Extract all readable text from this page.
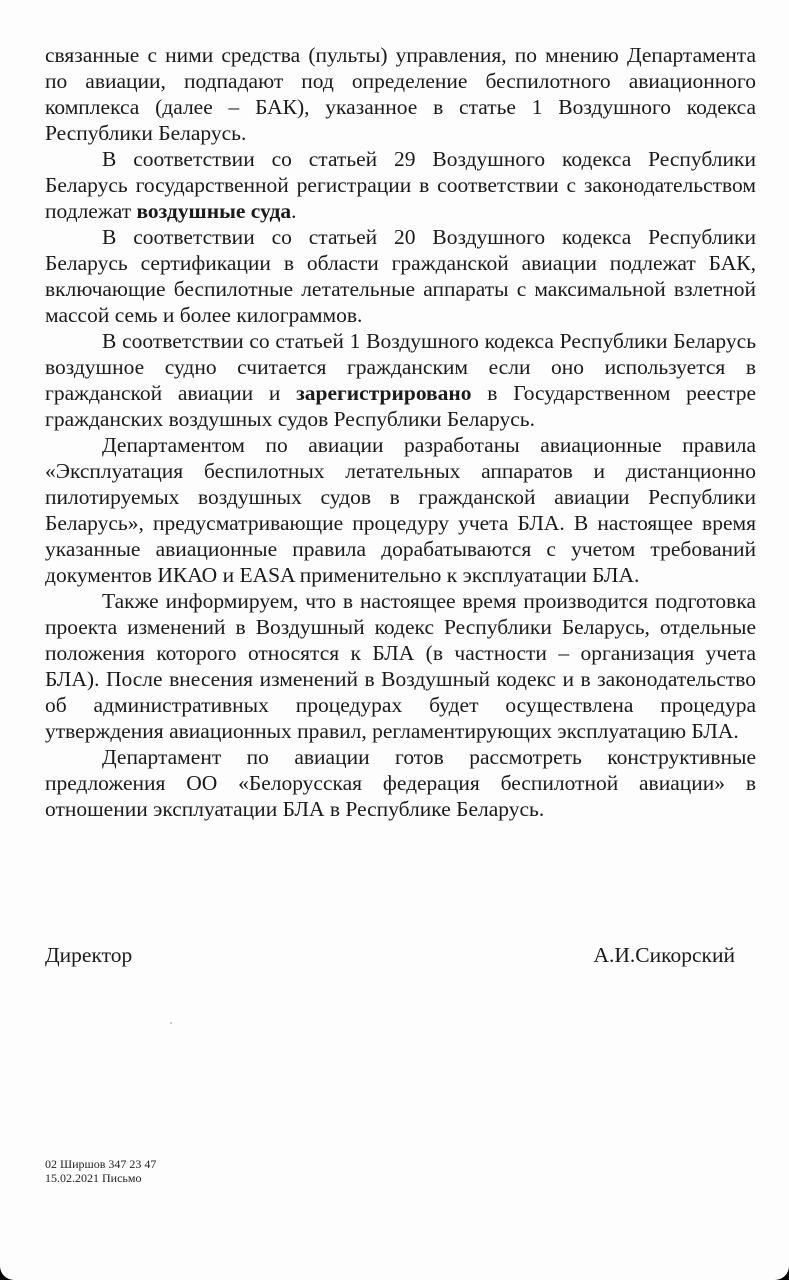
связанные с ними средства (пульты) управления, по мнению Департамента по авиации, подпадают под определение беспилотного авиационного комплекса (далее – БАК), указанное в статье 1 Воздушного кодекса Республики Беларусь.

В соответствии со статьей 29 Воздушного кодекса Республики Беларусь государственной регистрации в соответствии с законодательством подлежат воздушные суда.

В соответствии со статьей 20 Воздушного кодекса Республики Беларусь сертификации в области гражданской авиации подлежат БАК, включающие беспилотные летательные аппараты с максимальной взлетной массой семь и более килограммов.

В соответствии со статьей 1 Воздушного кодекса Республики Беларусь воздушное судно считается гражданским если оно используется в гражданской авиации и зарегистрировано в Государственном реестре гражданских воздушных судов Республики Беларусь.

Департаментом по авиации разработаны авиационные правила «Эксплуатация беспилотных летательных аппаратов и дистанционно пилотируемых воздушных судов в гражданской авиации Республики Беларусь», предусматривающие процедуру учета БЛА. В настоящее время указанные авиационные правила дорабатываются с учетом требований документов ИКАО и EASA применительно к эксплуатации БЛА.

Также информируем, что в настоящее время производится подготовка проекта изменений в Воздушный кодекс Республики Беларусь, отдельные положения которого относятся к БЛА (в частности – организация учета БЛА). После внесения изменений в Воздушный кодекс и в законодательство об административных процедурах будет осуществлена процедура утверждения авиационных правил, регламентирующих эксплуатацию БЛА.

Департамент по авиации готов рассмотреть конструктивные предложения ОО «Белорусская федерация беспилотной авиации» в отношении эксплуатации БЛА в Республике Беларусь.

Директор	А.И.Сикорский
02 Ширшов 347 23 47
15.02.2021 Письмо
